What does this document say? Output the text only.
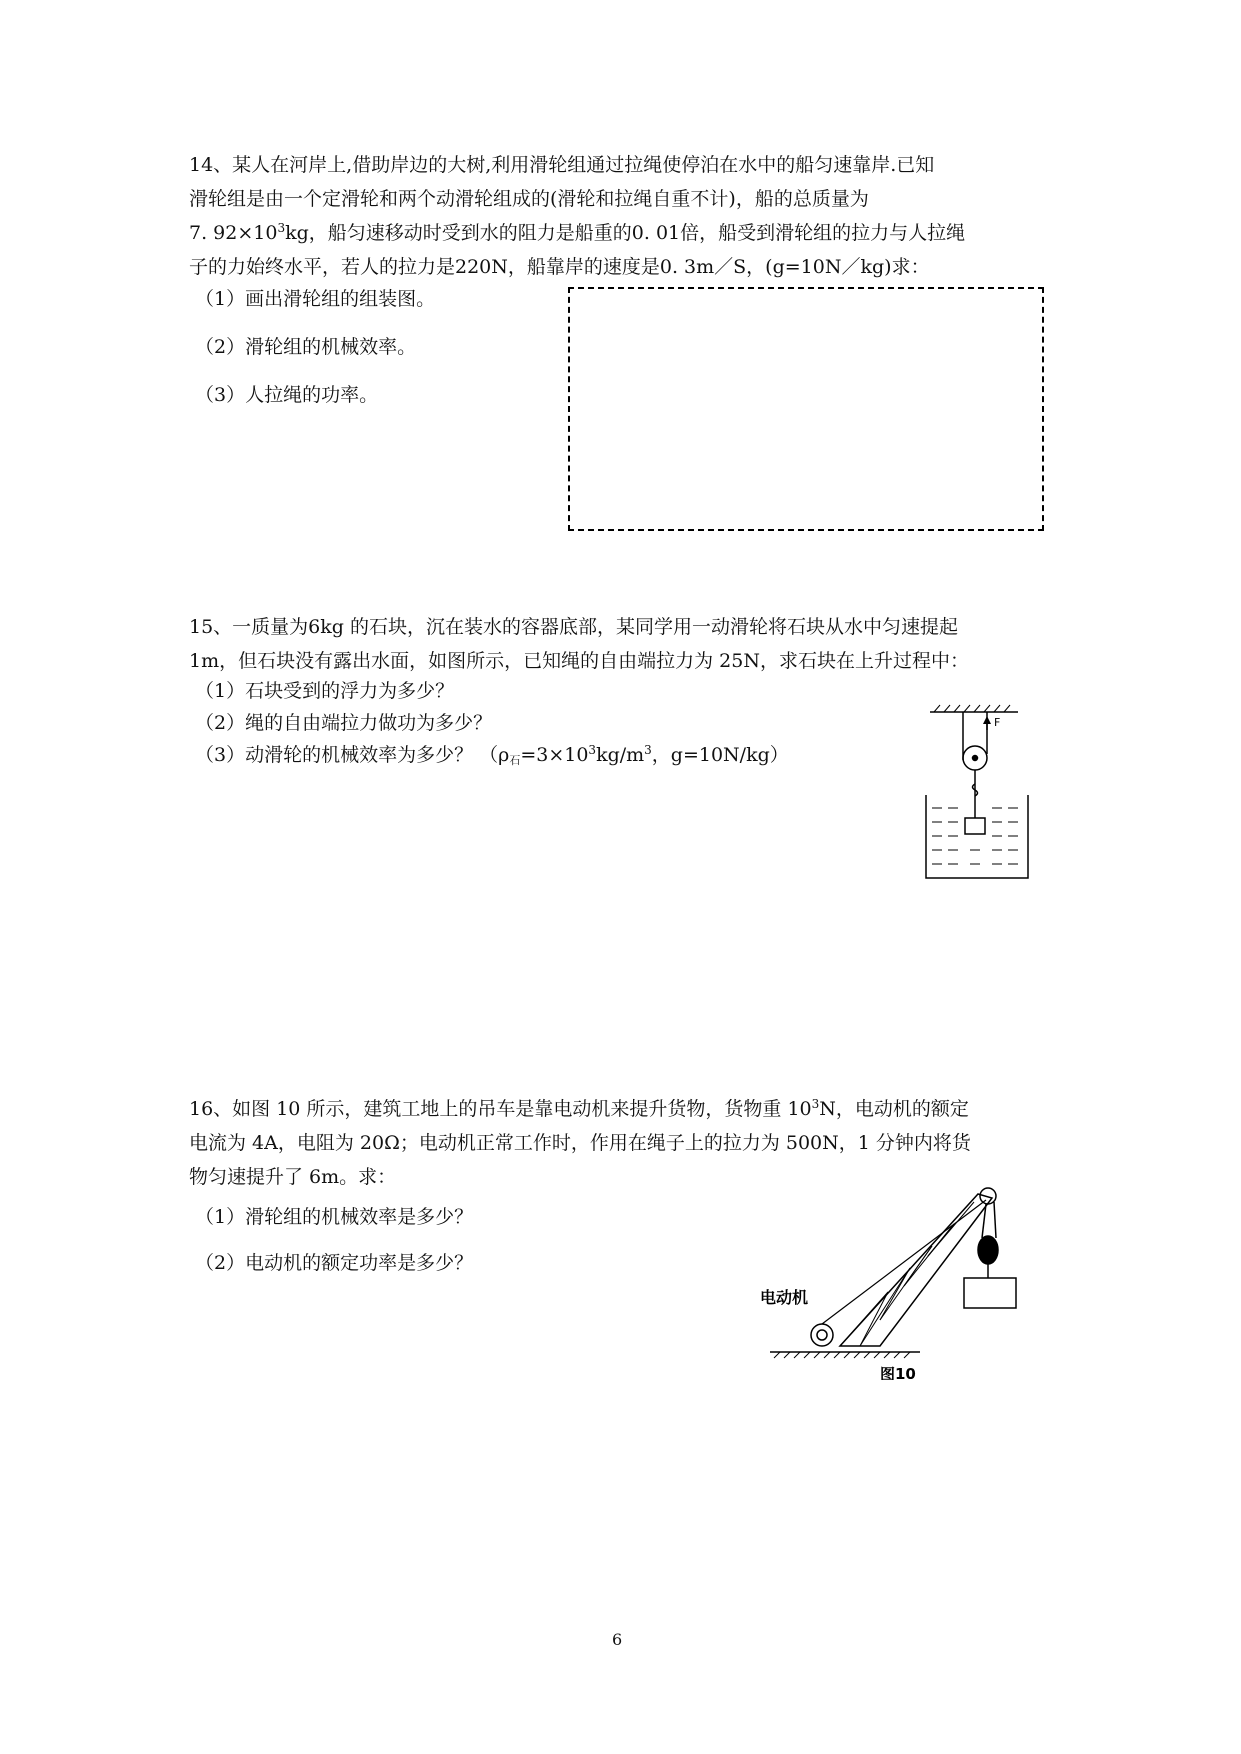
14、某人在河岸上,借助岸边的大树,利用滑轮组通过拉绳使停泊在水中的船匀速靠岸.已知
滑轮组是由一个定滑轮和两个动滑轮组成的(滑轮和拉绳自重不计)，船的总质量为
7. $92\times 10^3kg$，船匀速移动时受到水的阻力是船重的0. 01倍，船受到滑轮组的拉力与人拉绳
子的力始终水平，若人的拉力是220N，船靠岸的速度是0. 3m／S，(g=10N／kg)求：
（1）画出滑轮组的组装图。
（2）滑轮组的机械效率。
（3）人拉绳的功率。
15、一质量为6kg 的石块，沉在装水的容器底部，某同学用一动滑轮将石块从水中匀速提起
1m，但石块没有露出水面，如图所示，已知绳的自由端拉力为 25N，求石块在上升过程中：
（1）石块受到的浮力为多少？
（2）绳的自由端拉力做功为多少？
（3）动滑轮的机械效率为多少？ （ρ石$=3\times 10^3kg/m^3$，g=10N/kg）
F
16、如图 10 所示，建筑工地上的吊车是靠电动机来提升货物，货物重 $10^3N$，电动机的额定
电流为 4A，电阻为 20Ω；电动机正常工作时，作用在绳子上的拉力为 500N，1 分钟内将货
物匀速提升了 6m。求：
（1）滑轮组的机械效率是多少？
（2）电动机的额定功率是多少？
电动机
图10
6
